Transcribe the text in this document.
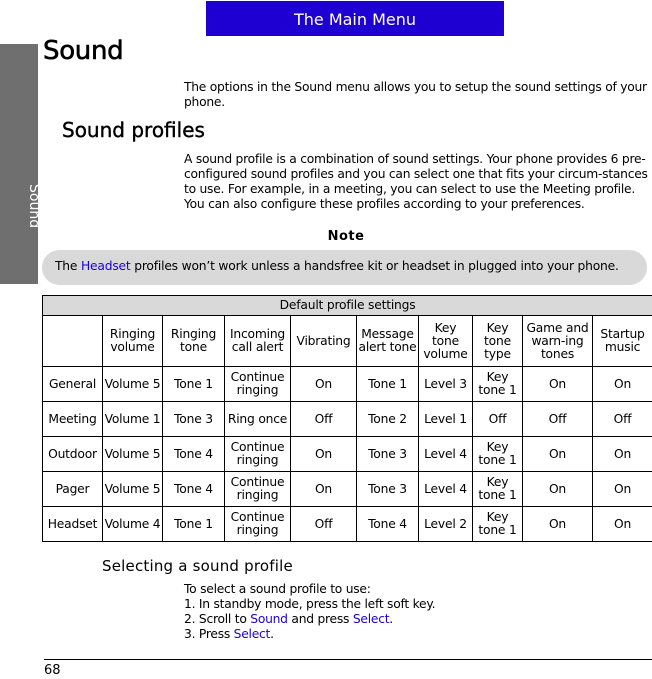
The Main Menu
Sound
Sound
The options in the Sound menu allows you to setup the sound settings of your phone.
Sound profiles
A sound profile is a combination of sound settings. Your phone provides 6 pre-configured sound profiles and you can select one that fits your circum-stances to use. For example, in a meeting, you can select to use the Meeting profile. You can also configure these profiles according to your preferences.
Note
The Headset profiles won’t work unless a handsfree kit or headset in plugged into your phone.
Default profile settings									
	Ringing volume	Ringing tone	Incoming call alert	Vibrating	Message alert tone	Key tone volume	Key tone type	Game and warn-ing tones	Startup music
General	Volume 5	Tone 1	Continue ringing	On	Tone 1	Level 3	Key tone 1	On	On
Meeting	Volume 1	Tone 3	Ring once	Off	Tone 2	Level 1	Off	Off	Off
Outdoor	Volume 5	Tone 4	Continue ringing	On	Tone 3	Level 4	Key tone 1	On	On
Pager	Volume 5	Tone 4	Continue ringing	On	Tone 3	Level 4	Key tone 1	On	On
Headset	Volume 4	Tone 1	Continue ringing	Off	Tone 4	Level 2	Key tone 1	On	On
Selecting a sound profile
To select a sound profile to use:
1. In standby mode, press the left soft key.
2. Scroll to Sound and press Select.
3. Press Select.
68
